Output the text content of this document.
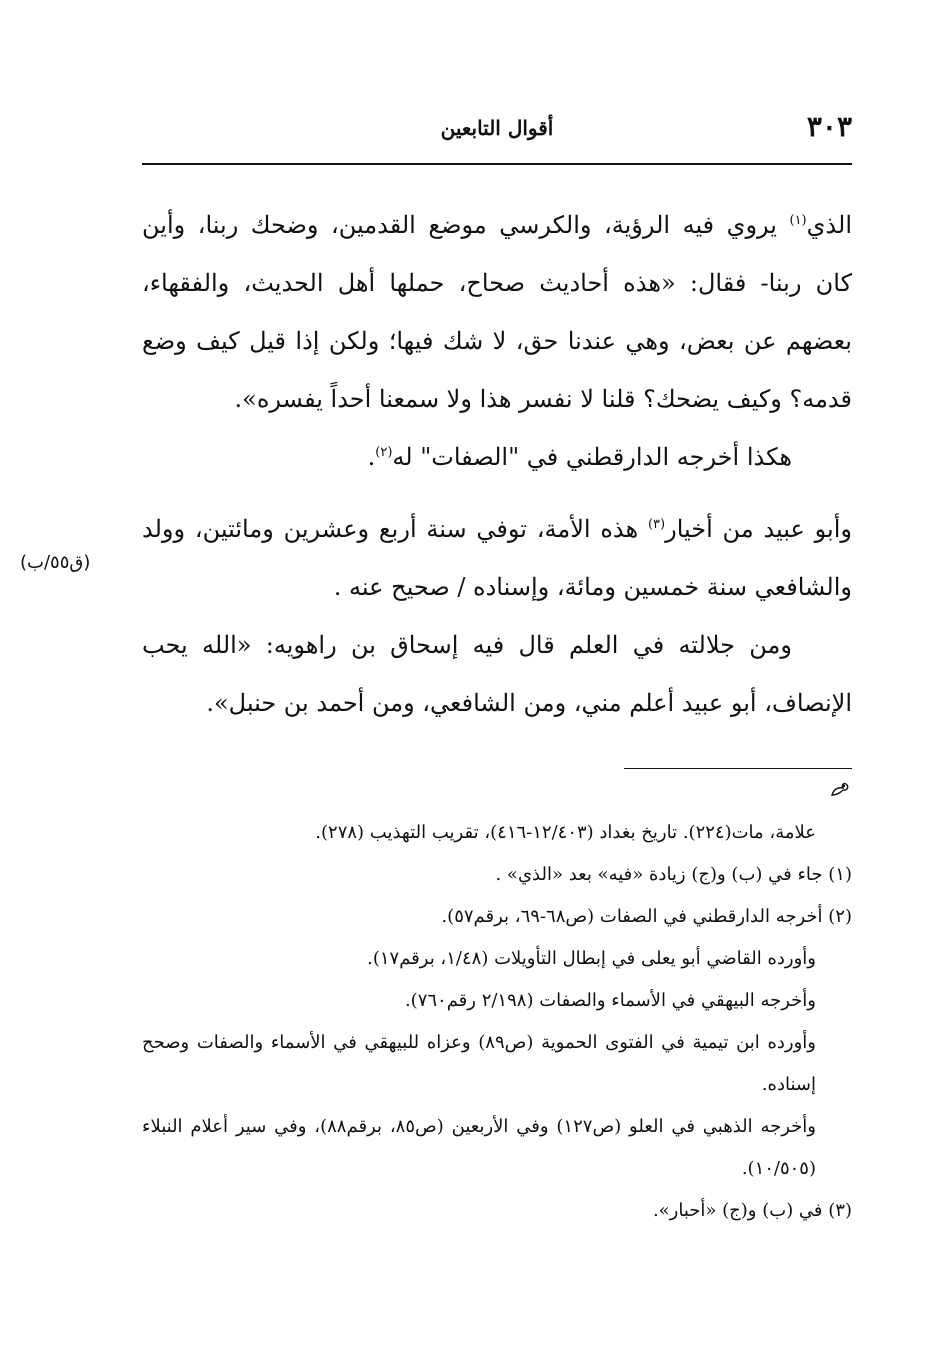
٣٠٣
أقوال التابعين

الذي$^{(١)}$ يروي فيه الرؤية، والكرسي موضع القدمين، وضحك ربنا، وأين كان ربنا- فقال: «هذه أحاديث صحاح، حملها أهل الحديث، والفقهاء، بعضهم عن بعض، وهي عندنا حق، لا شك فيها؛ ولكن إذا قيل كيف وضع قدمه؟ وكيف يضحك؟ قلنا لا نفسر هذا ولا سمعنا أحداً يفسره».

هكذا أخرجه الدارقطني في "الصفات" له$^{(٢)}$.

وأبو عبيد من أخيار$^{(٣)}$ هذه الأمة، توفي سنة أربع وعشرين ومائتين، وولد والشافعي سنة خمسين ومائة، وإسناده / صحيح عنه .

ومن جلالته في العلم قال فيه إسحاق بن راهويه: «الله يحب الإنصاف، أبو عبيد أعلم مني، ومن الشافعي، ومن أحمد بن حنبل».

(ق٥٥/ب)

علامة، مات(٢٢٤). تاريخ بغداد (١٢/٤٠٣-٤١٦)، تقريب التهذيب (٢٧٨).

(١) جاء في (ب) و(ج) زيادة «فيه» بعد «الذي» .

(٢) أخرجه الدارقطني في الصفات (ص٦٨-٦٩، برقم٥٧).

وأورده القاضي أبو يعلى في إبطال التأويلات (١/٤٨، برقم١٧).

وأخرجه البيهقي في الأسماء والصفات (٢/١٩٨ رقم٧٦٠).

وأورده ابن تيمية في الفتوى الحموية (ص٨٩) وعزاه للبيهقي في الأسماء والصفات وصحح إسناده.

وأخرجه الذهبي في العلو (ص١٢٧) وفي الأربعين (ص٨٥، برقم٨٨)، وفي سير أعلام النبلاء (١٠/٥٠٥).

(٣) في (ب) و(ج) «أحبار».
